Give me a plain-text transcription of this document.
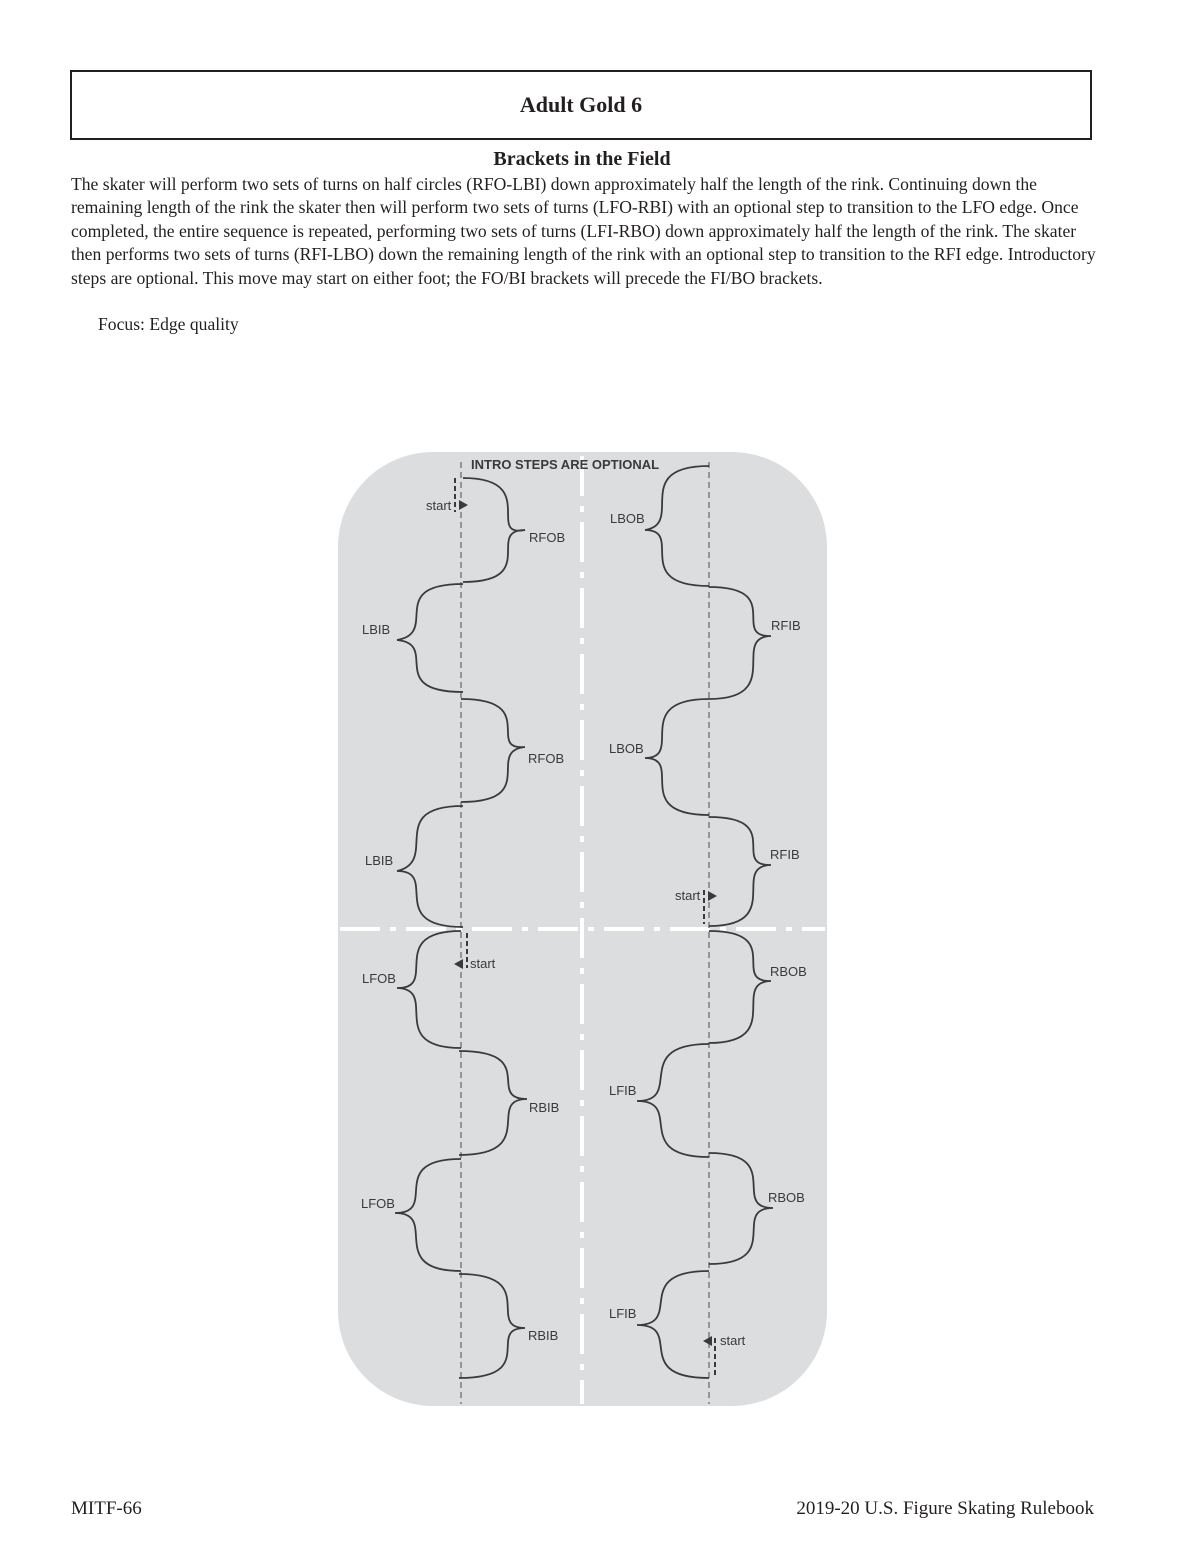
Adult Gold 6
Brackets in the Field

The skater will perform two sets of turns on half circles (RFO-LBI) down approximately half the length of the rink. Continuing down the remaining length of the rink the skater then will perform two sets of turns (LFO-RBI) with an optional step to transition to the LFO edge. Once completed, the entire sequence is repeated, performing two sets of turns (LFI-RBO) down approximately half the length of the rink. The skater then performs two sets of turns (RFI-LBO) down the remaining length of the rink with an optional step to transition to the RFI edge. Introductory steps are optional. This move may start on either foot; the FO/BI brackets will precede the FI/BO brackets.

Focus: Edge quality

INTRO STEPS ARE OPTIONAL
start
start
start
start
RFOB
LBIB
RFOB
LBIB
LFOB
RBIB
LFOB
RBIB
LBOB
RFIB
LBOB
RFIB
RBOB
LFIB
RBOB
LFIB
MITF-66	2019-20 U.S. Figure Skating Rulebook
